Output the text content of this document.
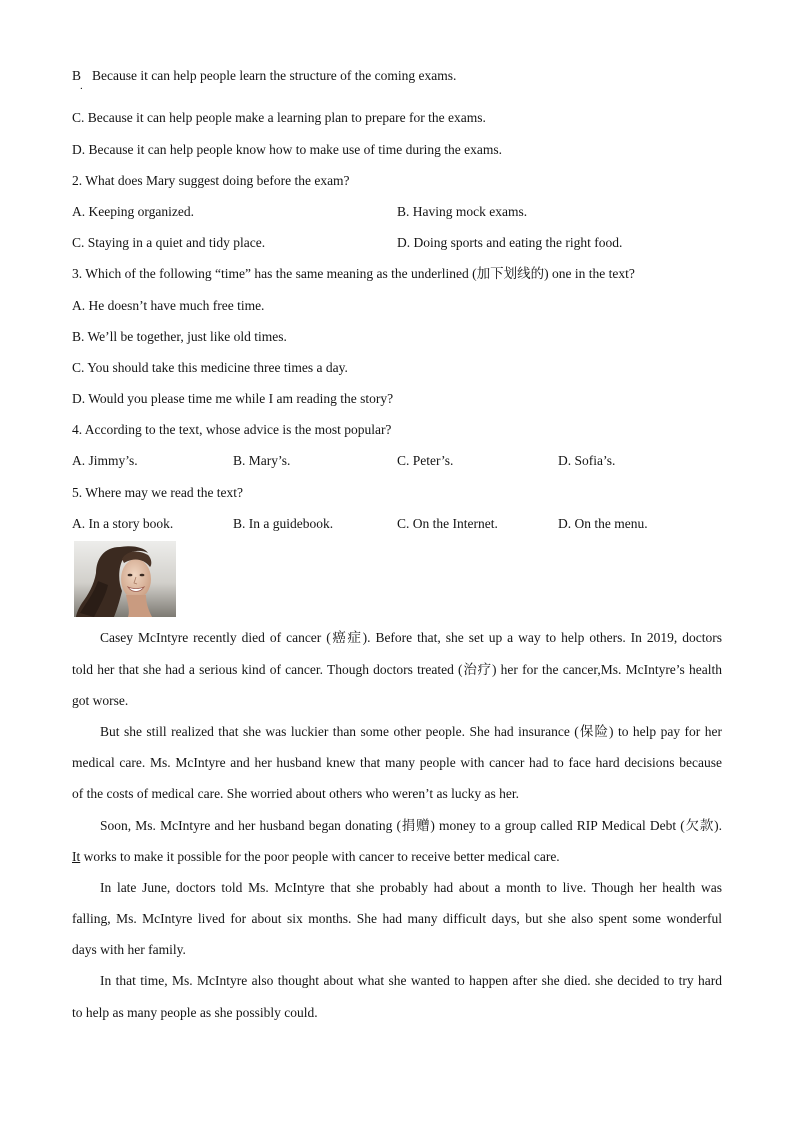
B Because it can help people learn the structure of the coming exams.
.
C. Because it can help people make a learning plan to prepare for the exams.
D. Because it can help people know how to make use of time during the exams.
2. What does Mary suggest doing before the exam?
A. Keeping organized.	B. Having mock exams.
C. Staying in a quiet and tidy place.	D. Doing sports and eating the right food.
3. Which of the following “time” has the same meaning as the underlined (加下划线的) one in the text?
A. He doesn’t have much free time.
B. We’ll be together, just like old times.
C. You should take this medicine three times a day.
D. Would you please time me while I am reading the story?
4. According to the text, whose advice is the most popular?
A. Jimmy’s.	B. Mary’s.	C. Peter’s.	D. Sofia’s.
5. Where may we read the text?
A. In a story book.	B. In a guidebook.	C. On the Internet.	D. On the menu.
Casey McIntyre recently died of cancer (癌症). Before that, she set up a way to help others. In 2019, doctors
told her that she had a serious kind of cancer. Though doctors treated (治疗) her for the cancer,Ms. McIntyre’s health
got worse.
But she still realized that she was luckier than some other people. She had insurance (保险) to help pay for her
medical care. Ms. McIntyre and her husband knew that many people with cancer had to face hard decisions because
of the costs of medical care. She worried about others who weren’t as lucky as her.
Soon, Ms. McIntyre and her husband began donating (捐赠) money to a group called RIP Medical Debt (欠款).
It works to make it possible for the poor people with cancer to receive better medical care.
In late June, doctors told Ms. McIntyre that she probably had about a month to live. Though her health was
falling, Ms. McIntyre lived for about six months. She had many difficult days, but she also spent some wonderful
days with her family.
In that time, Ms. McIntyre also thought about what she wanted to happen after she died. she decided to try hard
to help as many people as she possibly could.
